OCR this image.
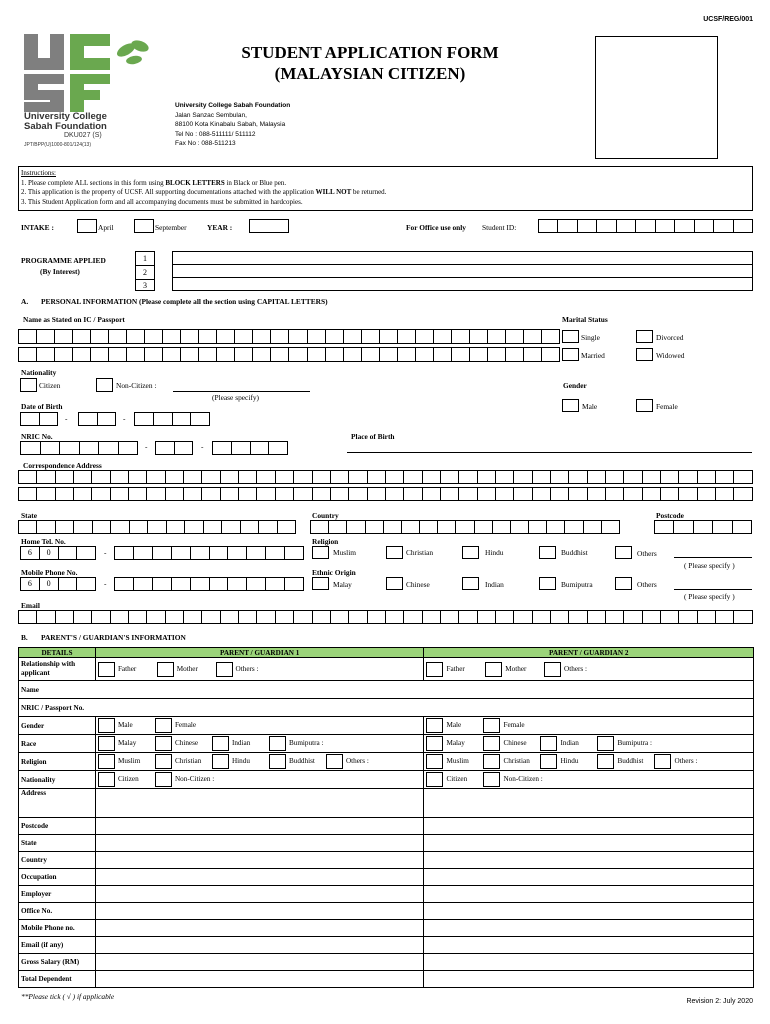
UCSF/REG/001
University College
Sabah Foundation
DKU027 (S)
JPT/BPP(U)1000-801/124(13)
STUDENT APPLICATION FORM
(MALAYSIAN CITIZEN)
University College Sabah Foundation
Jalan Sanzac Sembulan,
88100 Kota Kinabalu Sabah, Malaysia
Tel No : 088-511111/ 511112
Fax No : 088-511213
Instructions:
1. Please complete ALL sections in this form using BLOCK LETTERS in Black or Blue pen.
2. This application is the property of UCSF. All supporting documentations attached with the application WILL NOT be returned.
3. This Student Application form and all accompanying documents must be submitted in hardcopies.
INTAKE :	April	September	YEAR :	For Office use only Student ID:
PROGRAMME APPLIED
(By Interest)
1
2
3
A. PERSONAL INFORMATION (Please complete all the section using CAPITAL LETTERS)
Name as Stated on IC / Passport	Marital Status
Single	Divorced
Married	Widowed
Nationality
Citizen	Non-Citizen :
(Please specify)
Gender
Male	Female
Date of Birth
-	-
NRIC No.
-	-
Place of Birth
Correspondence Address
State	Country	Postcode
Home Tel. No.
6	0	-
Religion
Muslim	Christian	Hindu	Buddhist	Others
( Please specify )
Mobile Phone No.
6	0	-
Ethnic Origin
Malay	Chinese	Indian	Bumiputra	Others
( Please specify )
Email
B. PARENT'S / GUARDIAN'S INFORMATION
DETAILS	PARENT / GUARDIAN 1	PARENT / GUARDIAN 2
Relationship with applicant	Father Mother Others :	Father Mother Others :
Name		
NRIC / Passport No.		
Gender	Male Female	Male Female
Race	Malay Chinese Indian Bumiputra :	Malay Chinese Indian Bumiputra :
Religion	Muslim Christian Hindu Buddhist Others :	Muslim Christian Hindu Buddhist Others :
Nationality	Citizen Non-Citizen :	Citizen Non-Citizen :
Address		
Postcode		
State		
Country		
Occupation		
Employer		
Office No.		
Mobile Phone no.		
Email (if any)		
Gross Salary (RM)		
Total Dependent		
**Please tick ( √ ) if applicable
Revision 2: July 2020
